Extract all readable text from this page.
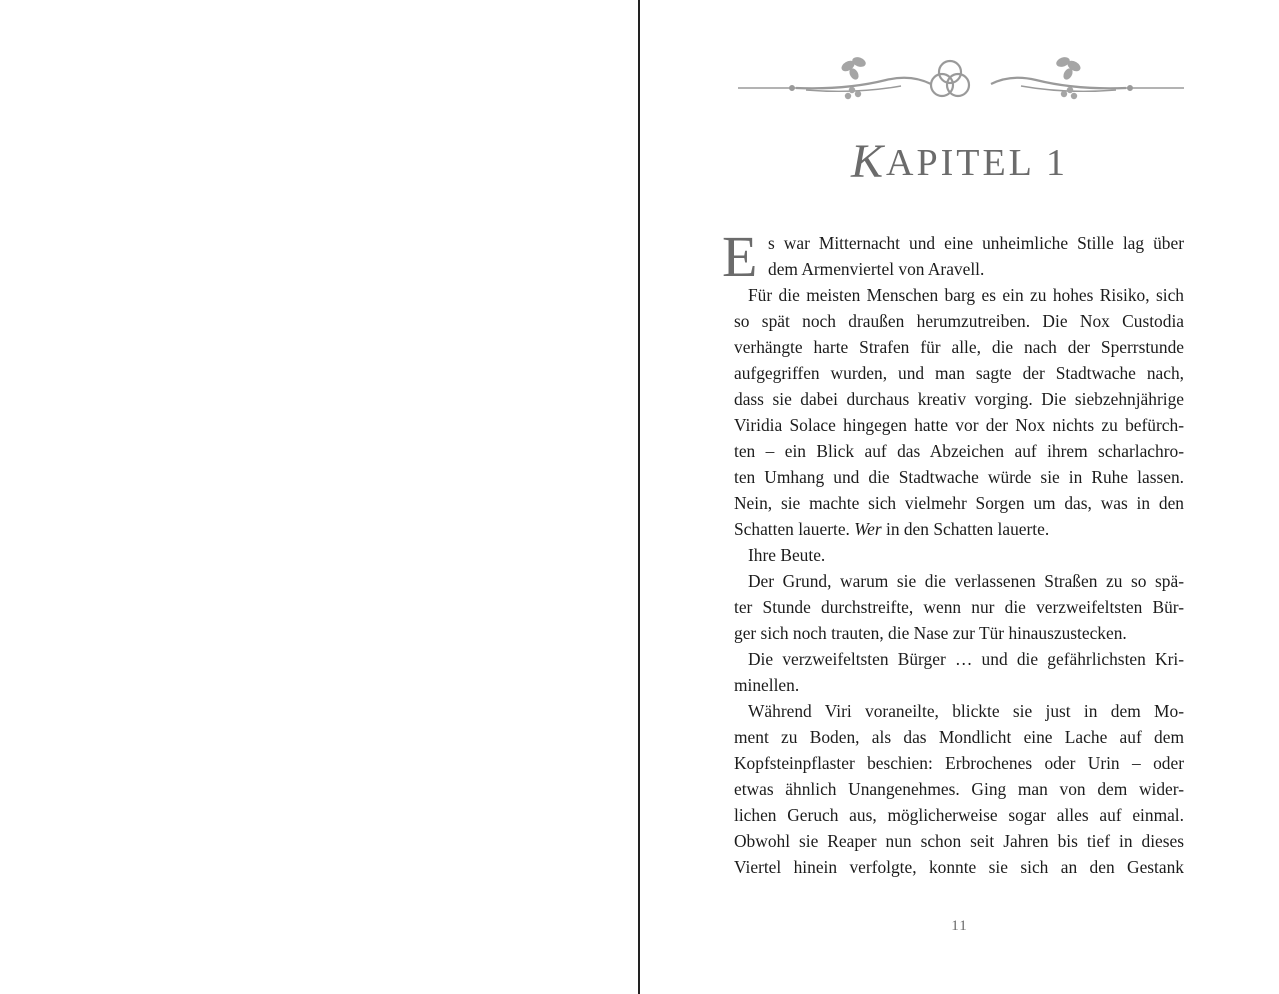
KAPITEL 1
E s war Mitternacht und eine unheimliche Stille lag über
dem Armenviertel von Aravell.
Für die meisten Menschen barg es ein zu hohes Risiko, sich
so spät noch draußen herumzutreiben. Die Nox Custodia
verhängte harte Strafen für alle, die nach der Sperrstunde
aufgegriffen wurden, und man sagte der Stadtwache nach,
dass sie dabei durchaus kreativ vorging. Die siebzehnjährige
Viridia Solace hingegen hatte vor der Nox nichts zu befürch-
ten – ein Blick auf das Abzeichen auf ihrem scharlachro-
ten Umhang und die Stadtwache würde sie in Ruhe lassen.
Nein, sie machte sich vielmehr Sorgen um das, was in den
Schatten lauerte. Wer in den Schatten lauerte.
Ihre Beute.
Der Grund, warum sie die verlassenen Straßen zu so spä-
ter Stunde durchstreifte, wenn nur die verzweifeltsten Bür-
ger sich noch trauten, die Nase zur Tür hinauszustecken.
Die verzweifeltsten Bürger … und die gefährlichsten Kri-
minellen.
Während Viri voraneilte, blickte sie just in dem Mo-
ment zu Boden, als das Mondlicht eine Lache auf dem
Kopfsteinpflaster beschien: Erbrochenes oder Urin – oder
etwas ähnlich Unangenehmes. Ging man von dem wider-
lichen Geruch aus, möglicherweise sogar alles auf einmal.
Obwohl sie Reaper nun schon seit Jahren bis tief in dieses
Viertel hinein verfolgte, konnte sie sich an den Gestank
11
